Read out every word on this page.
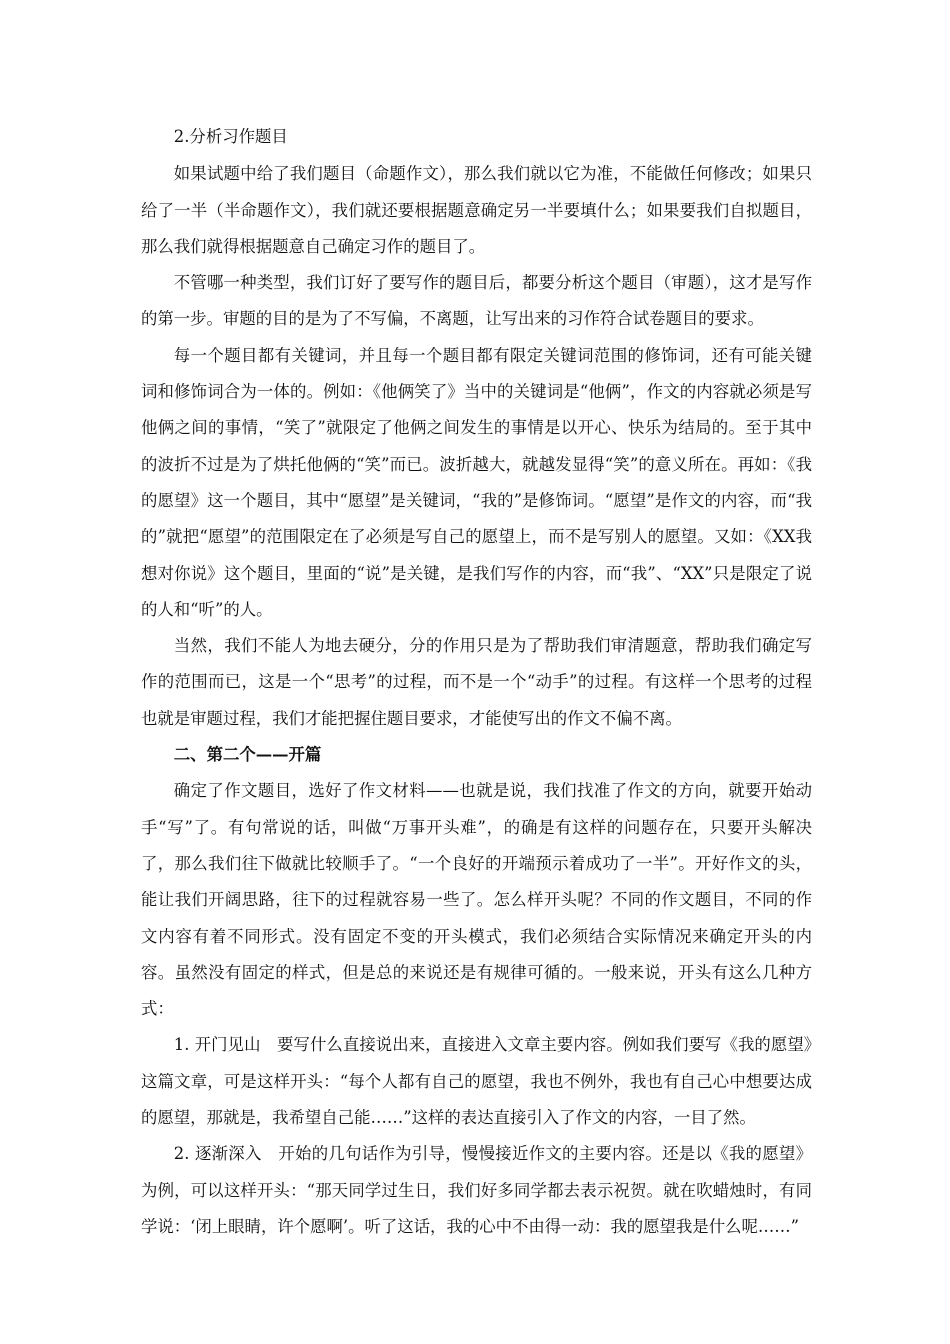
2.分析习作题目

如果试题中给了我们题目（命题作文），那么我们就以它为准，不能做任何修改；如果只给了一半（半命题作文），我们就还要根据题意确定另一半要填什么；如果要我们自拟题目，那么我们就得根据题意自己确定习作的题目了。

不管哪一种类型，我们订好了要写作的题目后，都要分析这个题目（审题），这才是写作的第一步。审题的目的是为了不写偏，不离题，让写出来的习作符合试卷题目的要求。

每一个题目都有关键词，并且每一个题目都有限定关键词范围的修饰词，还有可能关键词和修饰词合为一体的。例如：《他俩笑了》当中的关键词是“他俩”，作文的内容就必须是写他俩之间的事情，“笑了”就限定了他俩之间发生的事情是以开心、快乐为结局的。至于其中的波折不过是为了烘托他俩的“笑”而已。波折越大，就越发显得“笑”的意义所在。再如：《我的愿望》这一个题目，其中“愿望”是关键词，“我的”是修饰词。“愿望”是作文的内容，而“我的”就把“愿望”的范围限定在了必须是写自己的愿望上，而不是写别人的愿望。又如：《XX我想对你说》这个题目，里面的“说”是关键，是我们写作的内容，而“我”、“XX”只是限定了说的人和“听”的人。

当然，我们不能人为地去硬分，分的作用只是为了帮助我们审清题意，帮助我们确定写作的范围而已，这是一个“思考”的过程，而不是一个“动手”的过程。有这样一个思考的过程也就是审题过程，我们才能把握住题目要求，才能使写出的作文不偏不离。

二、第二个——开篇

确定了作文题目，选好了作文材料——也就是说，我们找准了作文的方向，就要开始动手“写”了。有句常说的话，叫做“万事开头难”，的确是有这样的问题存在，只要开头解决了，那么我们往下做就比较顺手了。“一个良好的开端预示着成功了一半”。开好作文的头，能让我们开阔思路，往下的过程就容易一些了。怎么样开头呢？不同的作文题目，不同的作文内容有着不同形式。没有固定不变的开头模式，我们必须结合实际情况来确定开头的内容。虽然没有固定的样式，但是总的来说还是有规律可循的。一般来说，开头有这么几种方式：

1. 开门见山　要写什么直接说出来，直接进入文章主要内容。例如我们要写《我的愿望》这篇文章，可是这样开头：“每个人都有自己的愿望，我也不例外，我也有自己心中想要达成的愿望，那就是，我希望自己能……”这样的表达直接引入了作文的内容，一目了然。

2. 逐渐深入　开始的几句话作为引导，慢慢接近作文的主要内容。还是以《我的愿望》为例，可以这样开头：“那天同学过生日，我们好多同学都去表示祝贺。就在吹蜡烛时，有同学说：‘闭上眼睛，许个愿啊’。听了这话，我的心中不由得一动：我的愿望我是什么呢……”
